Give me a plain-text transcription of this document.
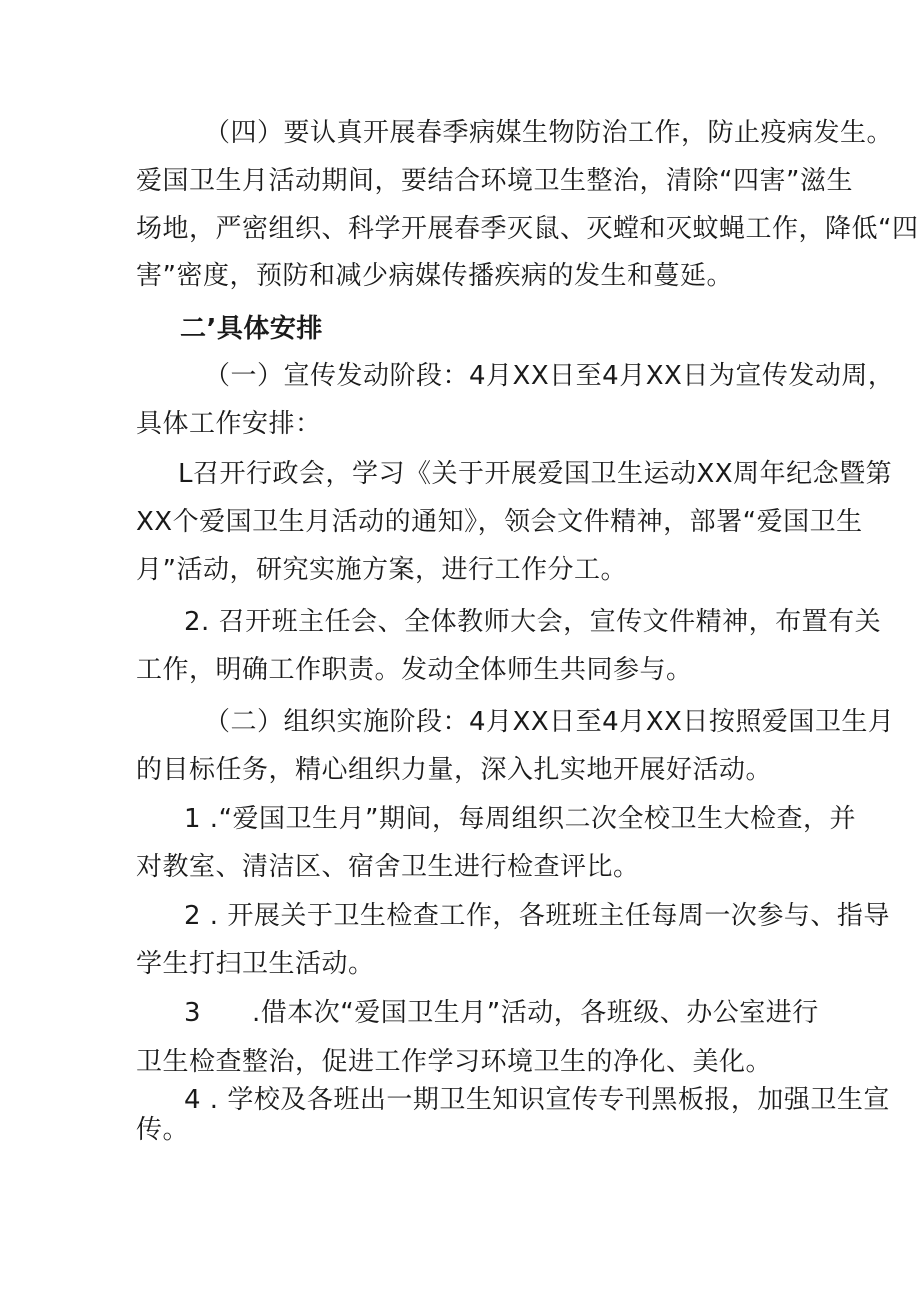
（四）要认真开展春季病媒生物防治工作，防止疫病发生。
爱国卫生月活动期间，要结合环境卫生整治，清除“四害”滋生
场地，严密组织、科学开展春季灭鼠、灭螳和灭蚊蝇工作，降低“四
害”密度，预防和减少病媒传播疾病的发生和蔓延。
二’具体安排
（一）宣传发动阶段：4月XX日至4月XX日为宣传发动周，
具体工作安排：
L召开行政会，学习《关于开展爱国卫生运动XX周年纪念暨第
XX个爱国卫生月活动的通知》，领会文件精神，部署“爱国卫生
月”活动，研究实施方案，进行工作分工。
2. 召开班主任会、全体教师大会，宣传文件精神，布置有关
工作，明确工作职责。发动全体师生共同参与。
（二）组织实施阶段：4月XX日至4月XX日按照爱国卫生月
的目标任务，精心组织力量，深入扎实地开展好活动。
1 .“爱国卫生月”期间，每周组织二次全校卫生大检查，并
对教室、清洁区、宿舍卫生进行检查评比。
2 . 开展关于卫生检查工作，各班班主任每周一次参与、指导
学生打扫卫生活动。
3 .借本次“爱国卫生月”活动，各班级、办公室进行
卫生检查整治，促进工作学习环境卫生的净化、美化。
4 . 学校及各班出一期卫生知识宣传专刊黑板报，加强卫生宣
传。
